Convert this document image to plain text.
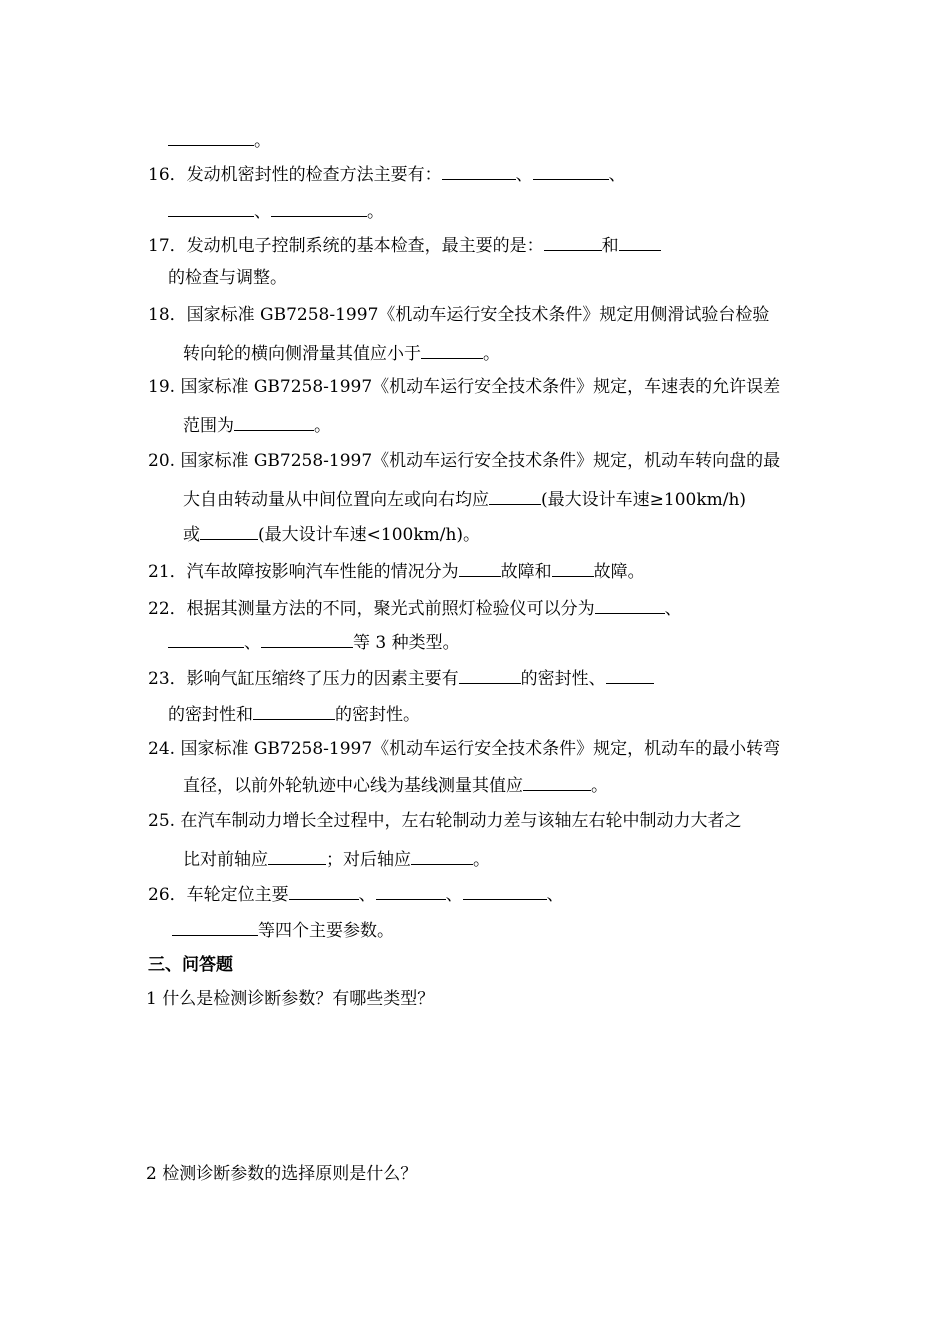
。
16．发动机密封性的检查方法主要有：	、	、
、	。
17．发动机电子控制系统的基本检查，最主要的是：	和
的检查与调整。
18．国家标准 GB7258-1997《机动车运行安全技术条件》规定用侧滑试验台检验
转向轮的横向侧滑量其值应小于	。
19. 国家标准 GB7258-1997《机动车运行安全技术条件》规定，车速表的允许误差
范围为	。
20. 国家标准 GB7258-1997《机动车运行安全技术条件》规定，机动车转向盘的最
大自由转动量从中间位置向左或向右均应	(最大设计车速≥100km/h)
或	(最大设计车速<100km/h)。
21．汽车故障按影响汽车性能的情况分为 故障和 故障。
22．根据其测量方法的不同，聚光式前照灯检验仪可以分为	、
、	等 3 种类型。
23．影响气缸压缩终了压力的因素主要有	的密封性、
的密封性和	的密封性。
24. 国家标准 GB7258-1997《机动车运行安全技术条件》规定，机动车的最小转弯
直径，以前外轮轨迹中心线为基线测量其值应	。
25. 在汽车制动力增长全过程中，左右轮制动力差与该轴左右轮中制动力大者之
比对前轴应	；对后轴应	。
26．车轮定位主要	、	、	、
等四个主要参数。
三、问答题
1 什么是检测诊断参数？有哪些类型？
2 检测诊断参数的选择原则是什么？
